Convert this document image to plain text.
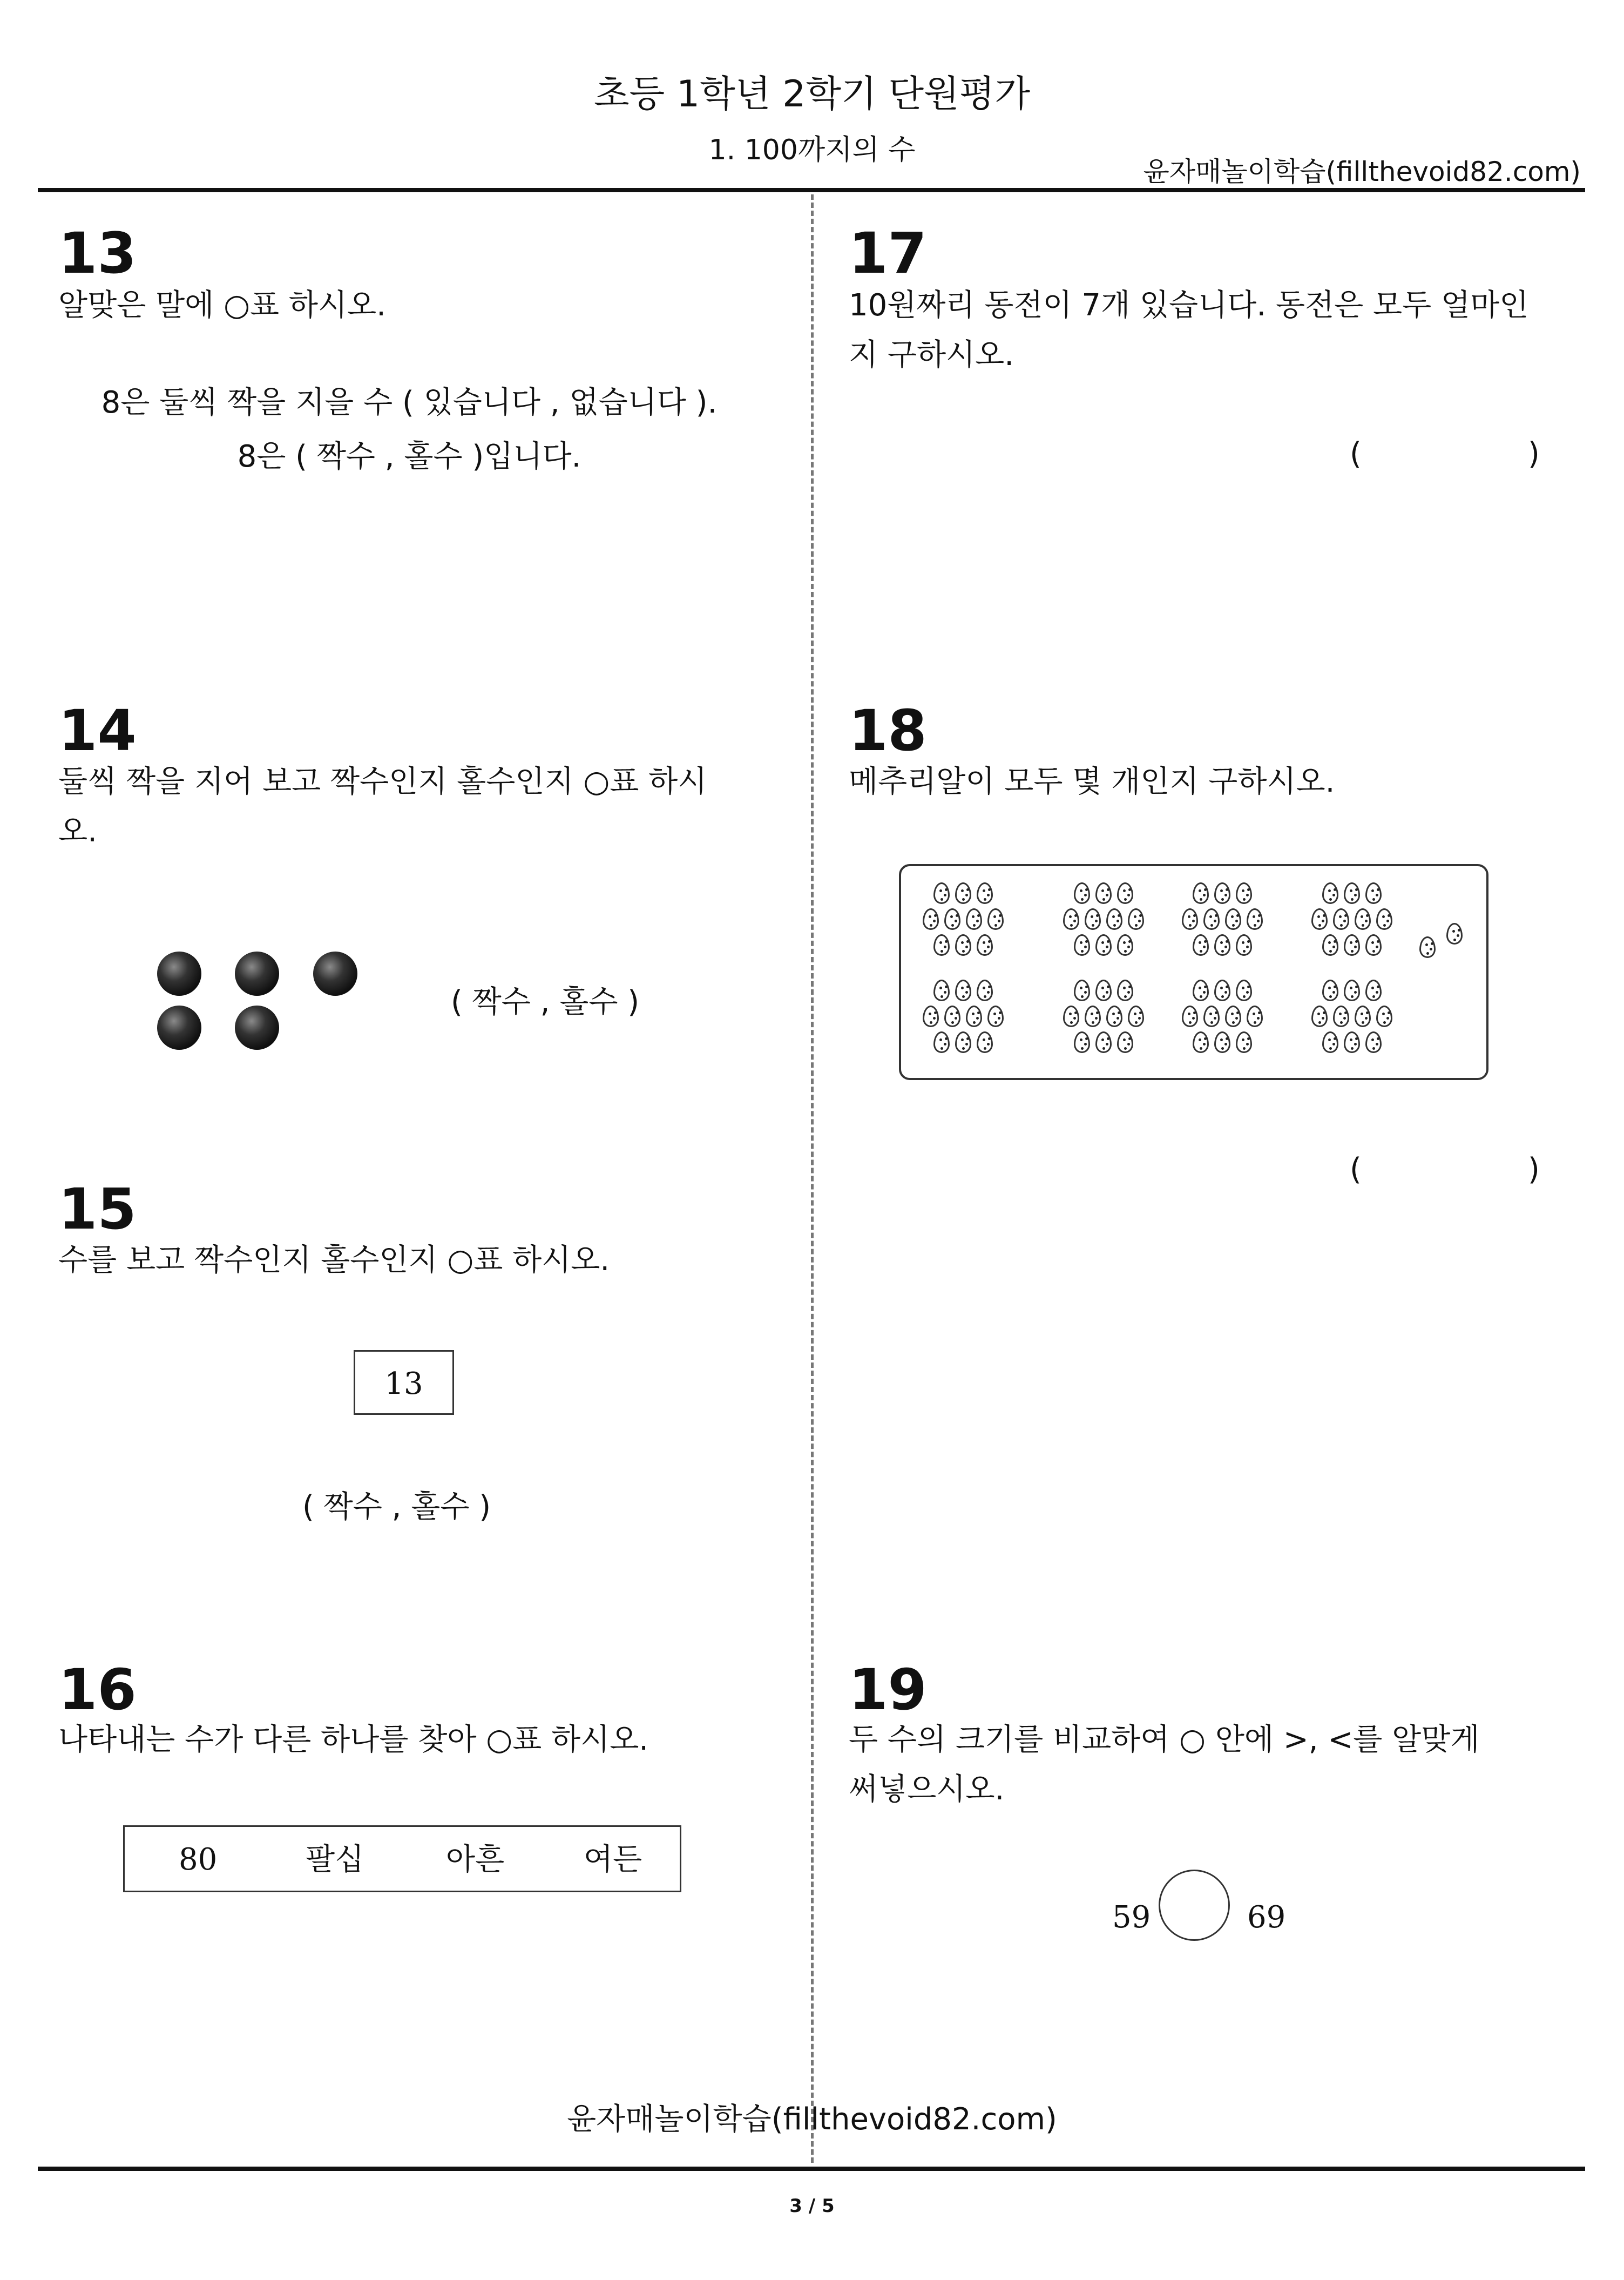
초등 1학년 2학기 단원평가
1. 100까지의 수
윤자매놀이학습(fillthevoid82.com)
13
알맞은 말에 ○표 하시오.
8은 둘씩 짝을 지을 수 ( 있습니다 , 없습니다 ).
8은 ( 짝수 , 홀수 )입니다.
14
둘씩 짝을 지어 보고 짝수인지 홀수인지 ○표 하시
오.
( 짝수 , 홀수 )
15
수를 보고 짝수인지 홀수인지 ○표 하시오.
13
( 짝수 , 홀수 )
16
나타내는 수가 다른 하나를 찾아 ○표 하시오.
80	팔십	아흔	여든
17
10원짜리 동전이 7개 있습니다. 동전은 모두 얼마인
지 구하시오.
(	)
18
메추리알이 모두 몇 개인지 구하시오.
(	)
19
두 수의 크기를 비교하여 ○ 안에 >, <를 알맞게
써넣으시오.
59	69
윤자매놀이학습(fillthevoid82.com)
3 / 5
